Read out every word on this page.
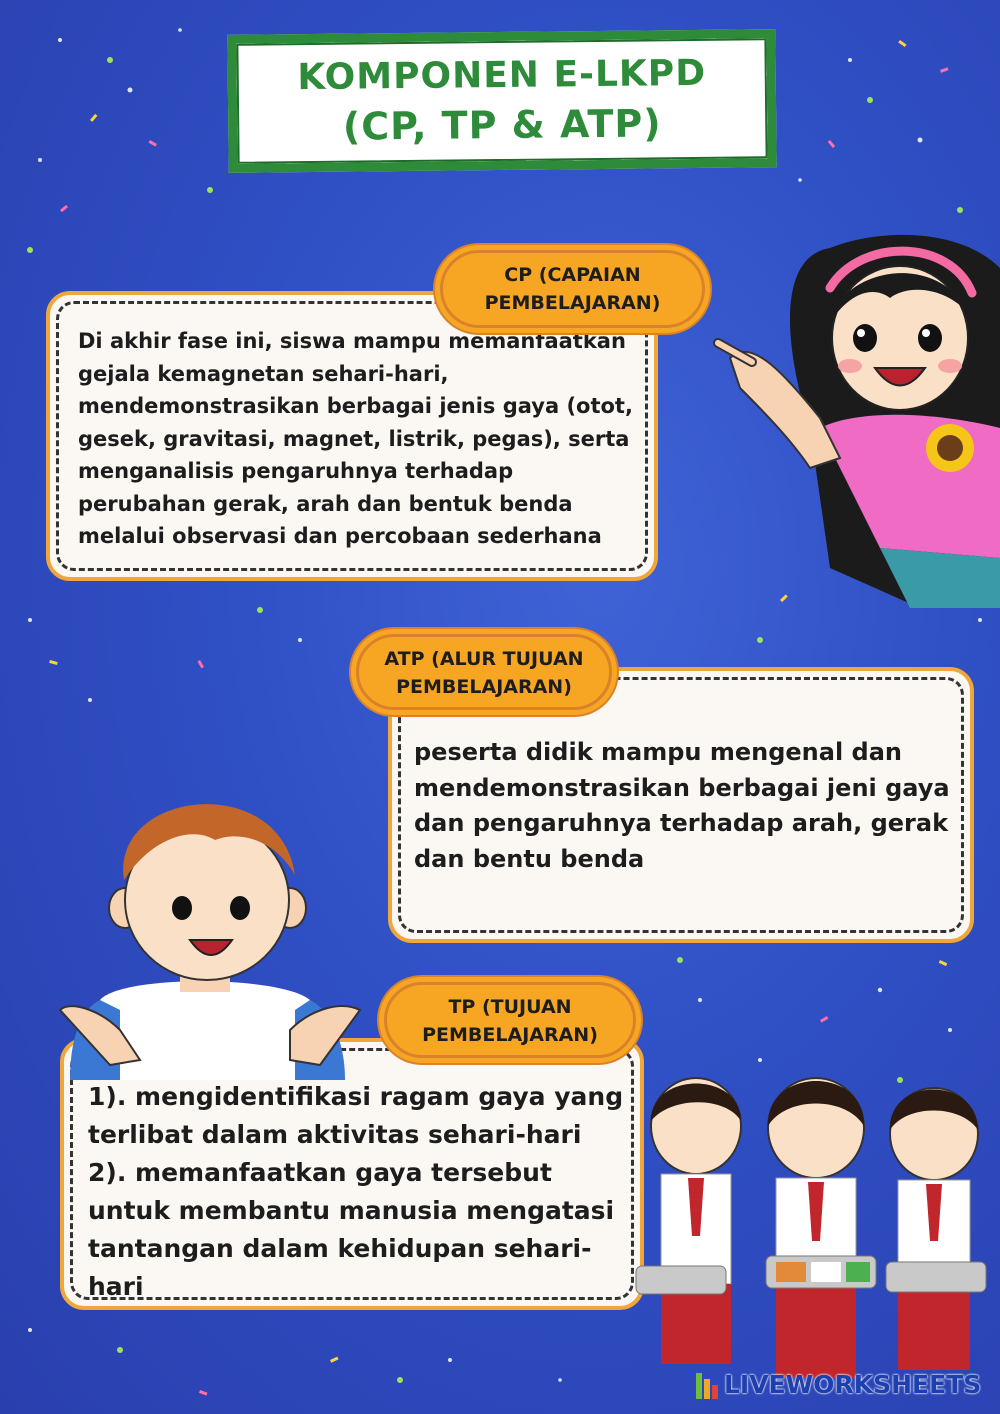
KOMPONEN E-LKPD
(CP, TP & ATP)
Di akhir fase ini, siswa mampu memanfaatkan gejala kemagnetan sehari-hari, mendemonstrasikan berbagai jenis gaya (otot, gesek, gravitasi, magnet, listrik, pegas), serta menganalisis pengaruhnya terhadap perubahan gerak, arah dan bentuk benda melalui observasi dan percobaan sederhana
CP (CAPAIAN
PEMBELAJARAN)
peserta didik mampu mengenal dan mendemonstrasikan berbagai jeni gaya dan pengaruhnya terhadap arah, gerak dan bentu benda
ATP (ALUR TUJUAN
PEMBELAJARAN)
1). mengidentifikasi ragam gaya yang terlibat dalam aktivitas sehari-hari
2). memanfaatkan gaya tersebut untuk membantu manusia mengatasi tantangan dalam kehidupan sehari-hari
TP (TUJUAN
PEMBELAJARAN)
LIVEWORKSHEETS
